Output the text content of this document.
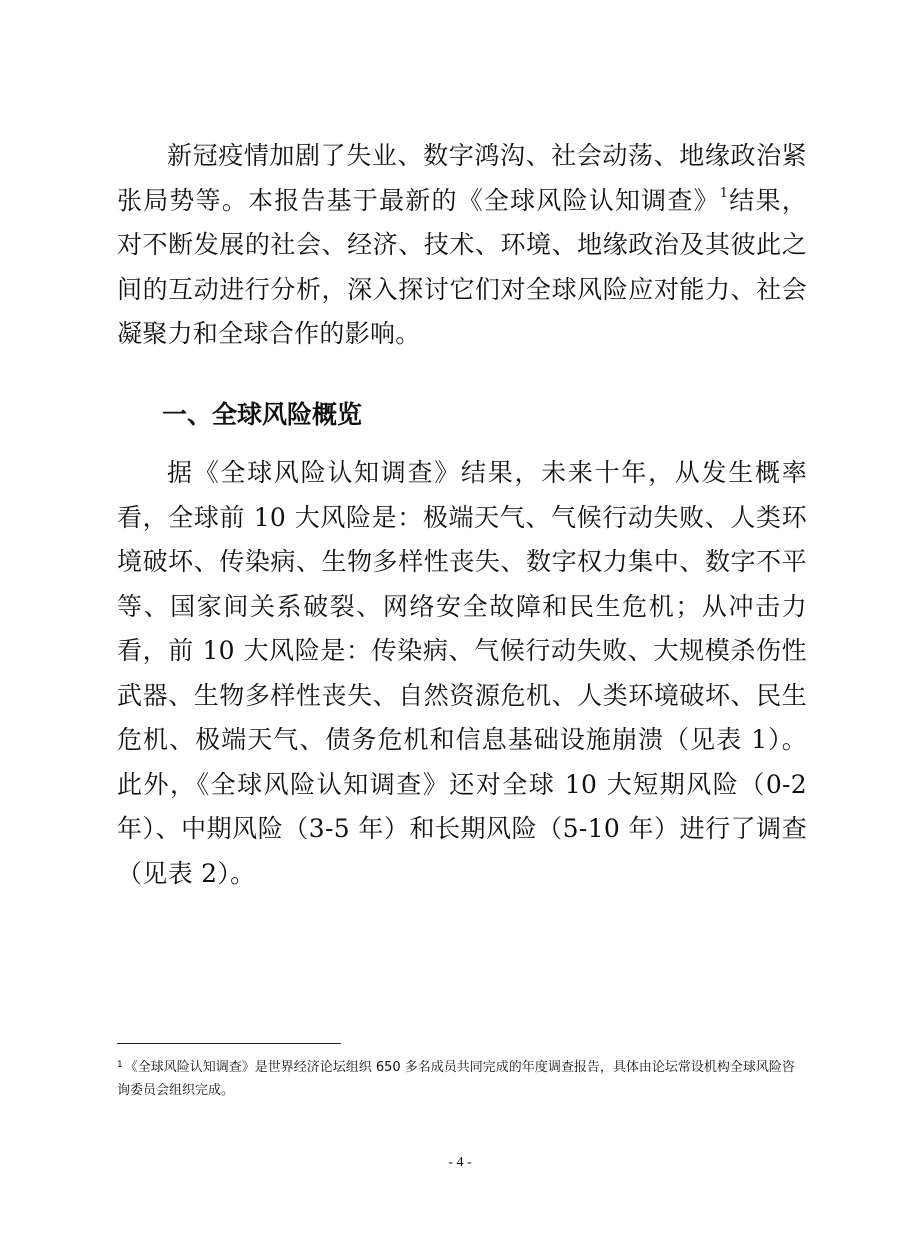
新冠疫情加剧了失业、数字鸿沟、社会动荡、地缘政治紧张局势等。本报告基于最新的《全球风险认知调查》$^1$结果，对不断发展的社会、经济、技术、环境、地缘政治及其彼此之间的互动进行分析，深入探讨它们对全球风险应对能力、社会凝聚力和全球合作的影响。

一、全球风险概览

据《全球风险认知调查》结果，未来十年，从发生概率看，全球前 10 大风险是：极端天气、气候行动失败、人类环境破坏、传染病、生物多样性丧失、数字权力集中、数字不平等、国家间关系破裂、网络安全故障和民生危机；从冲击力看，前 10 大风险是：传染病、气候行动失败、大规模杀伤性武器、生物多样性丧失、自然资源危机、人类环境破坏、民生危机、极端天气、债务危机和信息基础设施崩溃（见表 1）。此外，《全球风险认知调查》还对全球 10 大短期风险（0-2 年）、中期风险（3-5 年）和长期风险（5-10 年）进行了调查（见表 2）。

$^1$ 《全球风险认知调查》是世界经济论坛组织 650 多名成员共同完成的年度调查报告，具体由论坛常设机构全球风险咨询委员会组织完成。

- 4 -
